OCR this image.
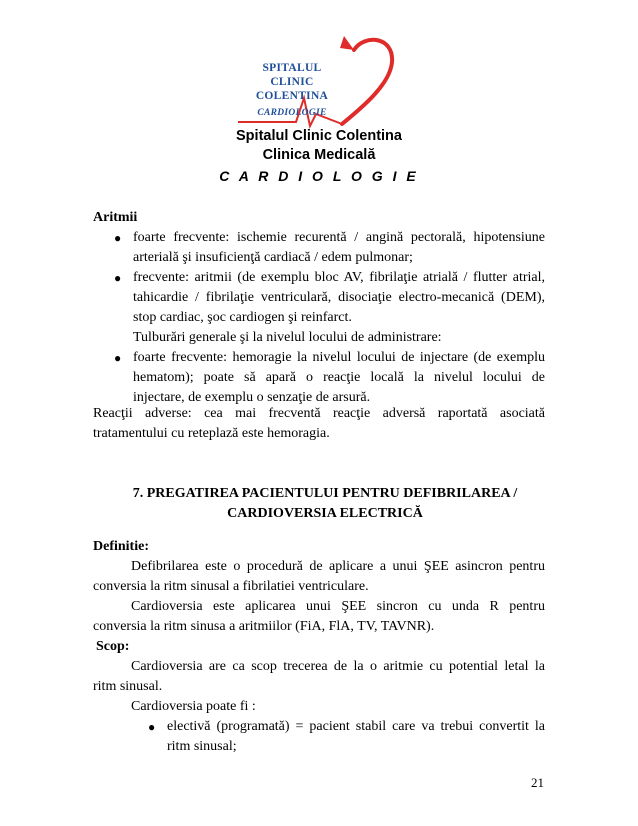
SPITALUL
CLINIC
COLENTINA
CARDIOLOGIE
Spitalul Clinic Colentina
Clinica Medicală
C A R D I O L O G I E
Aritmii
● foarte frecvente: ischemie recurentă / angină pectorală, hipotensiune
arterială şi insuficienţă cardiacă / edem pulmonar;
● frecvente: aritmii (de exemplu bloc AV, fibrilaţie atrială / flutter atrial,
tahicardie / fibrilaţie ventriculară, disociaţie electro-mecanică (DEM),
stop cardiac, şoc cardiogen şi reinfarct.
Tulburări generale şi la nivelul locului de administrare:
● foarte frecvente: hemoragie la nivelul locului de injectare (de exemplu
hematom); poate să apară o reacţie locală la nivelul locului de
injectare, de exemplu o senzaţie de arsură.
Reacţii adverse: cea mai frecventă reacţie adversă raportată asociată
tratamentului cu reteplază este hemoragia.
7. PREGATIREA PACIENTULUI PENTRU DEFIBRILAREA /
CARDIOVERSIA ELECTRICĂ
Definitie:
Defibrilarea este o procedură de aplicare a unui ŞEE asincron pentru
conversia la ritm sinusal a fibrilatiei ventriculare.
Cardioversia este aplicarea unui ŞEE sincron cu unda R pentru
conversia la ritm sinusa a aritmiilor (FiA, FlA, TV, TAVNR).
Scop:
Cardioversia are ca scop trecerea de la o aritmie cu potential letal la
ritm sinusal.
Cardioversia poate fi :
● electivă (programată) = pacient stabil care va trebui convertit la
ritm sinusal;
21
